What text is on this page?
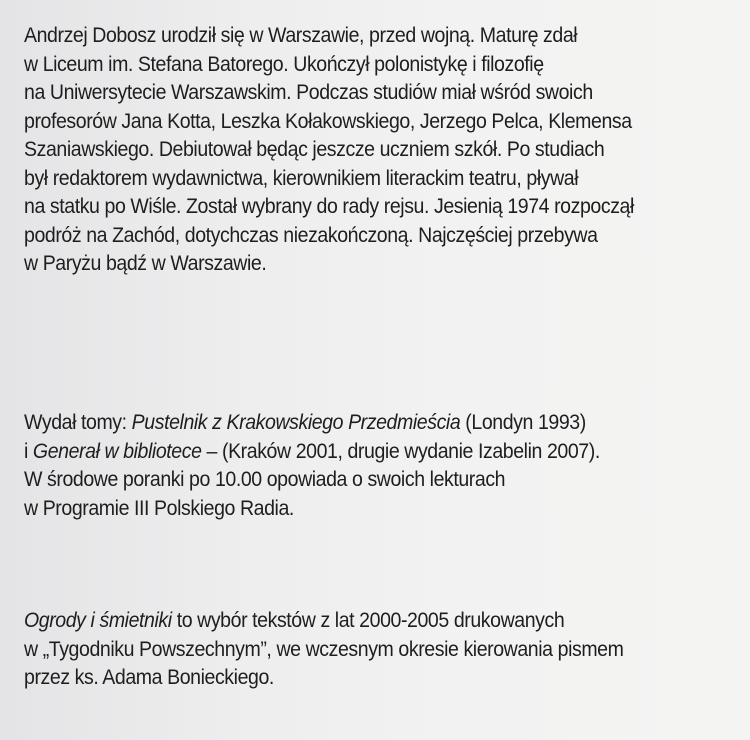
Andrzej Dobosz urodził się w Warszawie, przed wojną. Maturę zdał
w Liceum im. Stefana Batorego. Ukończył polonistykę i filozofię
na Uniwersytecie Warszawskim. Podczas studiów miał wśród swoich
profesorów Jana Kotta, Leszka Kołakowskiego, Jerzego Pelca, Klemensa
Szaniawskiego. Debiutował będąc jeszcze uczniem szkół. Po studiach
był redaktorem wydawnictwa, kierownikiem literackim teatru, pływał
na statku po Wiśle. Został wybrany do rady rejsu. Jesienią 1974 rozpoczął
podróż na Zachód, dotychczas niezakończoną. Najczęściej przebywa
w Paryżu bądź w Warszawie.

Wydał tomy: Pustelnik z Krakowskiego Przedmieścia (Londyn 1993)
i Generał w bibliotece – (Kraków 2001, drugie wydanie Izabelin 2007).
W środowe poranki po 10.00 opowiada o swoich lekturach
w Programie III Polskiego Radia.

Ogrody i śmietniki to wybór tekstów z lat 2000-2005 drukowanych
w „Tygodniku Powszechnym”, we wczesnym okresie kierowania pismem
przez ks. Adama Bonieckiego.
